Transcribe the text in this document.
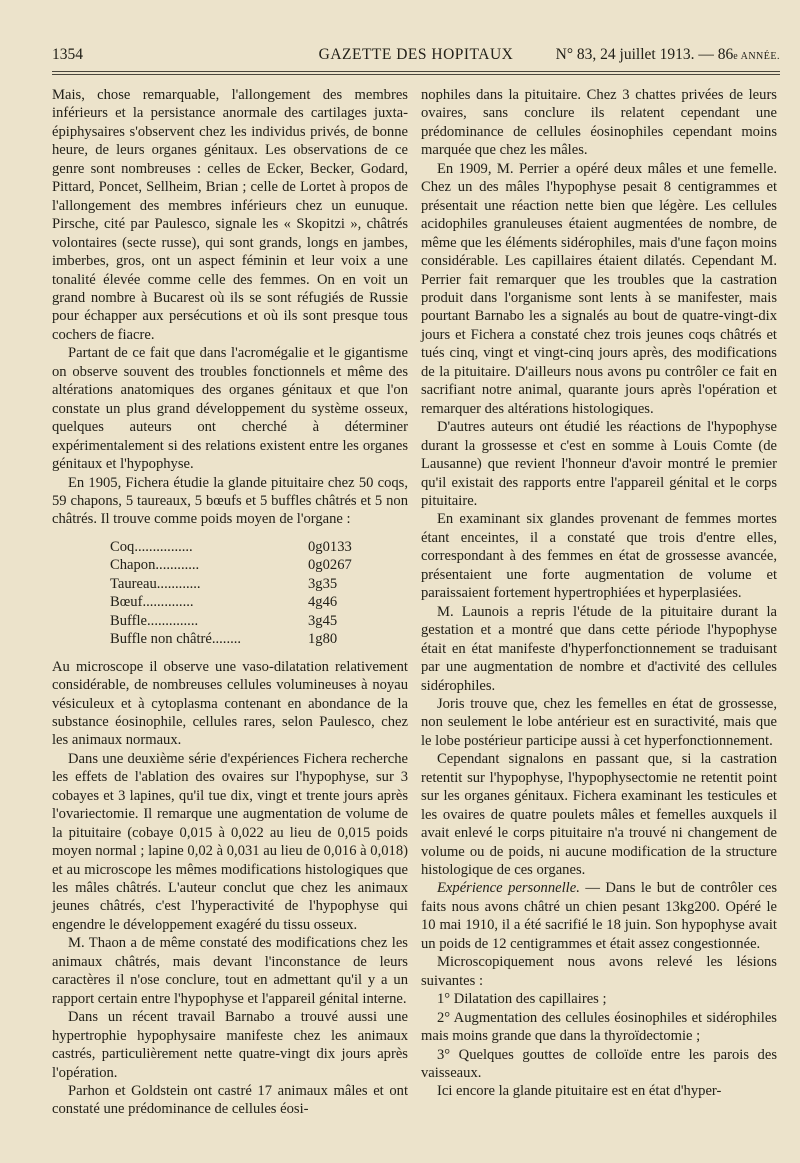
1354	GAZETTE DES HOPITAUX	N° 83, 24 juillet 1913. — 86e ANNÉE.

Mais, chose remarquable, l'allongement des membres inférieurs et la persistance anormale des cartilages juxta-épiphysaires s'observent chez les individus privés, de bonne heure, de leurs organes génitaux. Les observations de ce genre sont nombreuses : celles de Ecker, Becker, Godard, Pittard, Poncet, Sellheim, Brian ; celle de Lortet à propos de l'allongement des membres inférieurs chez un eunuque. Pirsche, cité par Paulesco, signale les « Skopitzi », châtrés volontaires (secte russe), qui sont grands, longs en jambes, imberbes, gros, ont un aspect féminin et leur voix a une tonalité élevée comme celle des femmes. On en voit un grand nombre à Bucarest où ils se sont réfugiés de Russie pour échapper aux persécutions et où ils sont presque tous cochers de fiacre.

Partant de ce fait que dans l'acromégalie et le gigantisme on observe souvent des troubles fonctionnels et même des altérations anatomiques des organes génitaux et que l'on constate un plus grand développement du système osseux, quelques auteurs ont cherché à déterminer expérimentalement si des relations existent entre les organes génitaux et l'hypophyse.

En 1905, Fichera étudie la glande pituitaire chez 50 coqs, 59 chapons, 5 taureaux, 5 bœufs et 5 buffles châtrés et 5 non châtrés. Il trouve comme poids moyen de l'organe :

Coq................	0g0133
Chapon............	0g0267
Taureau............	3g35
Bœuf..............	4g46
Buffle..............	3g45
Buffle non châtré........	1g80

Au microscope il observe une vaso-dilatation relativement considérable, de nombreuses cellules volumineuses à noyau vésiculeux et à cytoplasma contenant en abondance de la substance éosinophile, cellules rares, selon Paulesco, chez les animaux normaux.

Dans une deuxième série d'expériences Fichera recherche les effets de l'ablation des ovaires sur l'hypophyse, sur 3 cobayes et 3 lapines, qu'il tue dix, vingt et trente jours après l'ovariectomie. Il remarque une augmentation de volume de la pituitaire (cobaye 0,015 à 0,022 au lieu de 0,015 poids moyen normal ; lapine 0,02 à 0,031 au lieu de 0,016 à 0,018) et au microscope les mêmes modifications histologiques que les mâles châtrés. L'auteur conclut que chez les animaux jeunes châtrés, c'est l'hyperactivité de l'hypophyse qui engendre le développement exagéré du tissu osseux.

M. Thaon a de même constaté des modifications chez les animaux châtrés, mais devant l'inconstance de leurs caractères il n'ose conclure, tout en admettant qu'il y a un rapport certain entre l'hypophyse et l'appareil génital interne.

Dans un récent travail Barnabo a trouvé aussi une hypertrophie hypophysaire manifeste chez les animaux castrés, particulièrement nette quatre-vingt dix jours après l'opération.

Parhon et Goldstein ont castré 17 animaux mâles et ont constaté une prédominance de cellules éosi-

nophiles dans la pituitaire. Chez 3 chattes privées de leurs ovaires, sans conclure ils relatent cependant une prédominance de cellules éosinophiles cependant moins marquée que chez les mâles.

En 1909, M. Perrier a opéré deux mâles et une femelle. Chez un des mâles l'hypophyse pesait 8 centigrammes et présentait une réaction nette bien que légère. Les cellules acidophiles granuleuses étaient augmentées de nombre, de même que les éléments sidérophiles, mais d'une façon moins considérable. Les capillaires étaient dilatés. Cependant M. Perrier fait remarquer que les troubles que la castration produit dans l'organisme sont lents à se manifester, mais pourtant Barnabo les a signalés au bout de quatre-vingt-dix jours et Fichera a constaté chez trois jeunes coqs châtrés et tués cinq, vingt et vingt-cinq jours après, des modifications de la pituitaire. D'ailleurs nous avons pu contrôler ce fait en sacrifiant notre animal, quarante jours après l'opération et remarquer des altérations histologiques.

D'autres auteurs ont étudié les réactions de l'hypophyse durant la grossesse et c'est en somme à Louis Comte (de Lausanne) que revient l'honneur d'avoir montré le premier qu'il existait des rapports entre l'appareil génital et le corps pituitaire.

En examinant six glandes provenant de femmes mortes étant enceintes, il a constaté que trois d'entre elles, correspondant à des femmes en état de grossesse avancée, présentaient une forte augmentation de volume et paraissaient fortement hypertrophiées et hyperplasiées.

M. Launois a repris l'étude de la pituitaire durant la gestation et a montré que dans cette période l'hypophyse était en état manifeste d'hyperfonctionnement se traduisant par une augmentation de nombre et d'activité des cellules sidérophiles.

Joris trouve que, chez les femelles en état de grossesse, non seulement le lobe antérieur est en suractivité, mais que le lobe postérieur participe aussi à cet hyperfonctionnement.

Cependant signalons en passant que, si la castration retentit sur l'hypophyse, l'hypophysectomie ne retentit point sur les organes génitaux. Fichera examinant les testicules et les ovaires de quatre poulets mâles et femelles auxquels il avait enlevé le corps pituitaire n'a trouvé ni changement de volume ou de poids, ni aucune modification de la structure histologique de ces organes.

Expérience personnelle. — Dans le but de contrôler ces faits nous avons châtré un chien pesant 13kg200. Opéré le 10 mai 1910, il a été sacrifié le 18 juin. Son hypophyse avait un poids de 12 centigrammes et était assez congestionnée.

Microscopiquement nous avons relevé les lésions suivantes :

1° Dilatation des capillaires ;

2° Augmentation des cellules éosinophiles et sidérophiles mais moins grande que dans la thyroïdectomie ;

3° Quelques gouttes de colloïde entre les parois des vaisseaux.

Ici encore la glande pituitaire est en état d'hyper-
